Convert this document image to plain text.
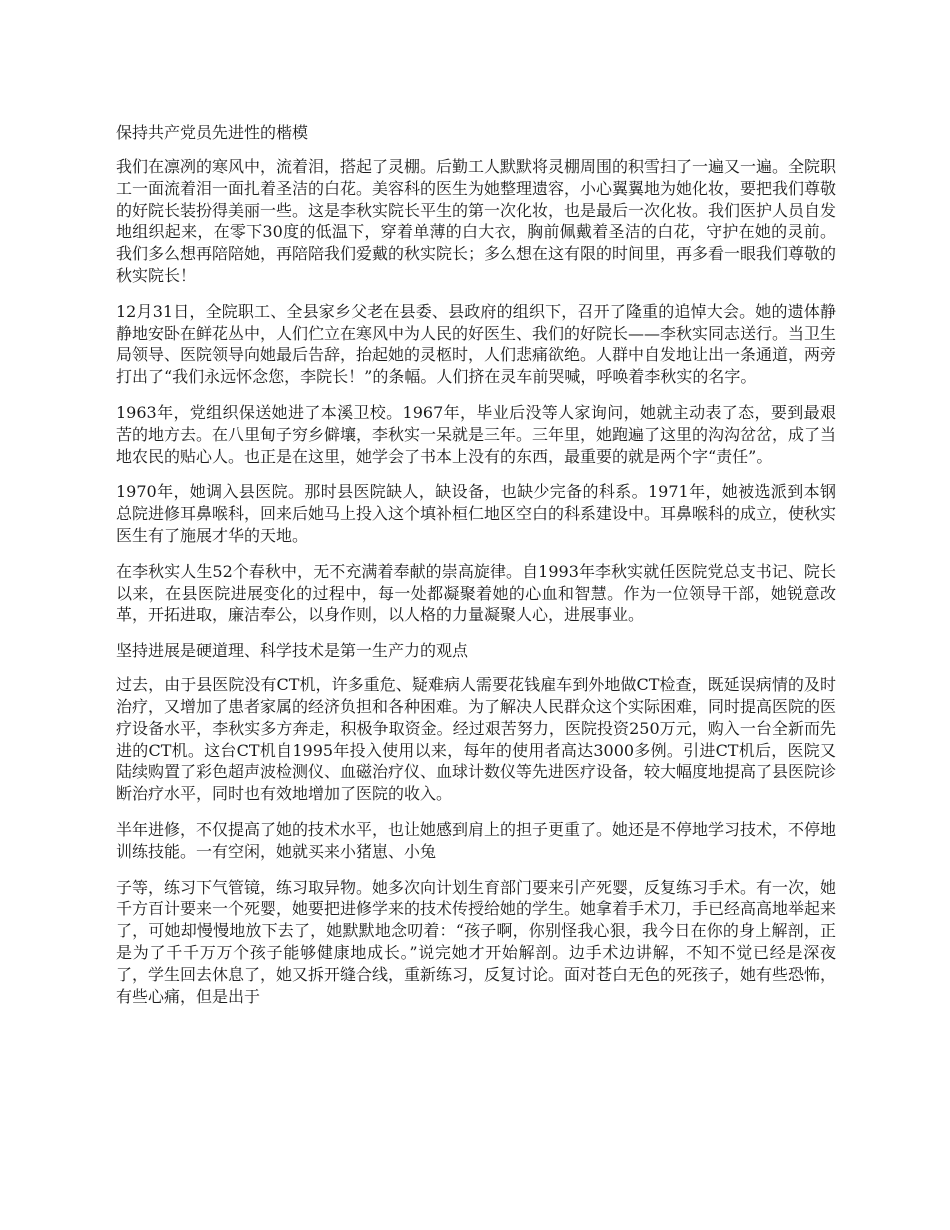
保持共产党员先进性的楷模
我们在凛冽的寒风中，流着泪，搭起了灵棚。后勤工人默默将灵棚周围的积雪扫了一遍又一遍。全院职工一面流着泪一面扎着圣洁的白花。美容科的医生为她整理遗容，小心翼翼地为她化妆，要把我们尊敬的好院长装扮得美丽一些。这是李秋实院长平生的第一次化妆，也是最后一次化妆。我们医护人员自发地组织起来，在零下30度的低温下，穿着单薄的白大衣，胸前佩戴着圣洁的白花，守护在她的灵前。我们多么想再陪陪她，再陪陪我们爱戴的秋实院长；多么想在这有限的时间里，再多看一眼我们尊敬的秋实院长！
12月31日，全院职工、全县家乡父老在县委、县政府的组织下，召开了隆重的追悼大会。她的遗体静静地安卧在鲜花丛中，人们伫立在寒风中为人民的好医生、我们的好院长——李秋实同志送行。当卫生局领导、医院领导向她最后告辞，抬起她的灵柩时，人们悲痛欲绝。人群中自发地让出一条通道，两旁打出了“我们永远怀念您，李院长！”的条幅。人们挤在灵车前哭喊，呼唤着李秋实的名字。
1963年，党组织保送她进了本溪卫校。1967年，毕业后没等人家询问，她就主动表了态，要到最艰苦的地方去。在八里甸子穷乡僻壤，李秋实一呆就是三年。三年里，她跑遍了这里的沟沟岔岔，成了当地农民的贴心人。也正是在这里，她学会了书本上没有的东西，最重要的就是两个字“责任”。
1970年，她调入县医院。那时县医院缺人，缺设备，也缺少完备的科系。1971年，她被选派到本钢总院进修耳鼻喉科，回来后她马上投入这个填补桓仁地区空白的科系建设中。耳鼻喉科的成立，使秋实医生有了施展才华的天地。
在李秋实人生52个春秋中，无不充满着奉献的崇高旋律。自1993年李秋实就任医院党总支书记、院长以来，在县医院进展变化的过程中，每一处都凝聚着她的心血和智慧。作为一位领导干部，她锐意改革，开拓进取，廉洁奉公，以身作则，以人格的力量凝聚人心，进展事业。
坚持进展是硬道理、科学技术是第一生产力的观点
过去，由于县医院没有CT机，许多重危、疑难病人需要花钱雇车到外地做CT检查，既延误病情的及时治疗，又增加了患者家属的经济负担和各种困难。为了解决人民群众这个实际困难，同时提高医院的医疗设备水平，李秋实多方奔走，积极争取资金。经过艰苦努力，医院投资250万元，购入一台全新而先进的CT机。这台CT机自1995年投入使用以来，每年的使用者高达3000多例。引进CT机后，医院又陆续购置了彩色超声波检测仪、血磁治疗仪、血球计数仪等先进医疗设备，较大幅度地提高了县医院诊断治疗水平，同时也有效地增加了医院的收入。
半年进修，不仅提高了她的技术水平，也让她感到肩上的担子更重了。她还是不停地学习技术，不停地训练技能。一有空闲，她就买来小猪崽、小兔
子等，练习下气管镜，练习取异物。她多次向计划生育部门要来引产死婴，反复练习手术。有一次，她千方百计要来一个死婴，她要把进修学来的技术传授给她的学生。她拿着手术刀，手已经高高地举起来了，可她却慢慢地放下去了，她默默地念叨着：“孩子啊，你别怪我心狠，我今日在你的身上解剖，正是为了千千万万个孩子能够健康地成长。”说完她才开始解剖。边手术边讲解，不知不觉已经是深夜了，学生回去休息了，她又拆开缝合线，重新练习，反复讨论。面对苍白无色的死孩子，她有些恐怖，有些心痛，但是出于
